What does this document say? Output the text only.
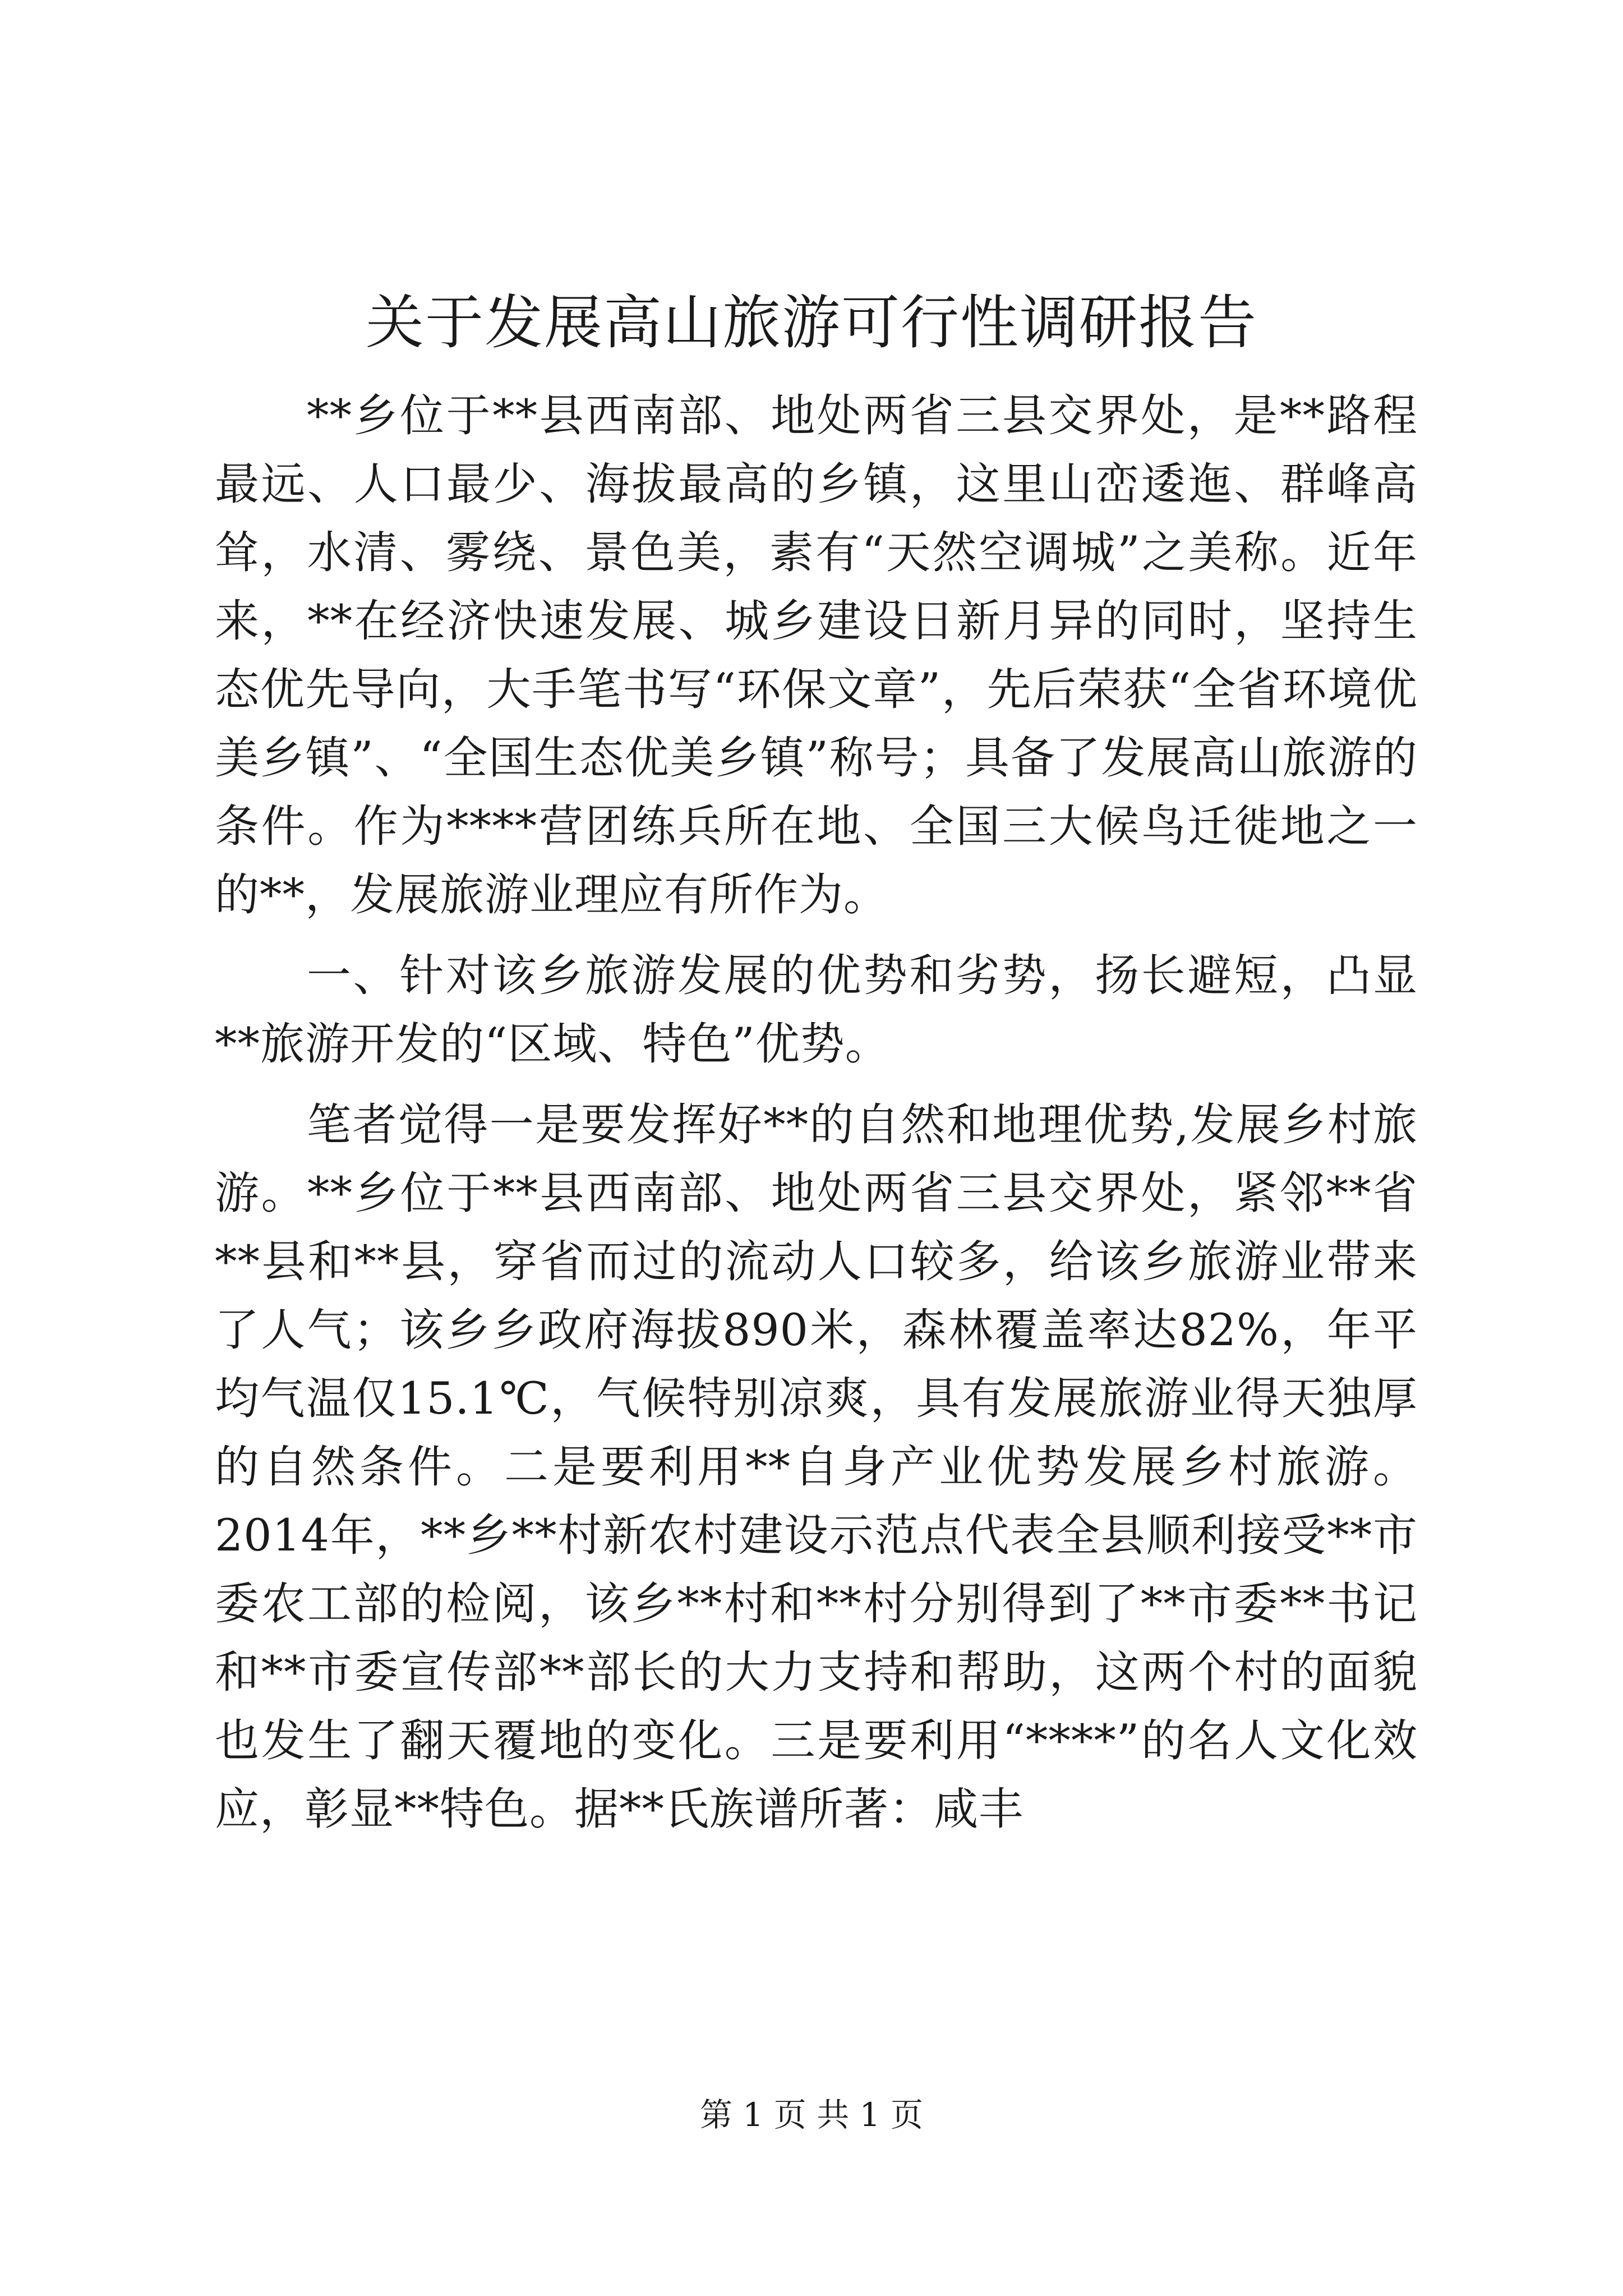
关于发展高山旅游可行性调研报告

**乡位于**县西南部、地处两省三县交界处，是**路程最远、人口最少、海拔最高的乡镇，这里山峦逶迤、群峰高耸，水清、雾绕、景色美，素有“天然空调城”之美称。近年来，**在经济快速发展、城乡建设日新月异的同时，坚持生态优先导向，大手笔书写“环保文章”，先后荣获“全省环境优美乡镇”、“全国生态优美乡镇”称号；具备了发展高山旅游的条件。作为****营团练兵所在地、全国三大候鸟迁徙地之一的**，发展旅游业理应有所作为。

一、针对该乡旅游发展的优势和劣势，扬长避短，凸显**旅游开发的“区域、特色”优势。

笔者觉得一是要发挥好**的自然和地理优势,发展乡村旅游。**乡位于**县西南部、地处两省三县交界处，紧邻**省**县和**县，穿省而过的流动人口较多，给该乡旅游业带来了人气；该乡乡政府海拔890米，森林覆盖率达82%，年平均气温仅15.1℃，气候特别凉爽，具有发展旅游业得天独厚的自然条件。二是要利用**自身产业优势发展乡村旅游。2014年，**乡**村新农村建设示范点代表全县顺利接受**市委农工部的检阅，该乡**村和**村分别得到了**市委**书记和**市委宣传部**部长的大力支持和帮助，这两个村的面貌也发生了翻天覆地的变化。三是要利用“****”的名人文化效应，彰显**特色。据**氏族谱所著：咸丰

第 1 页 共 1 页
